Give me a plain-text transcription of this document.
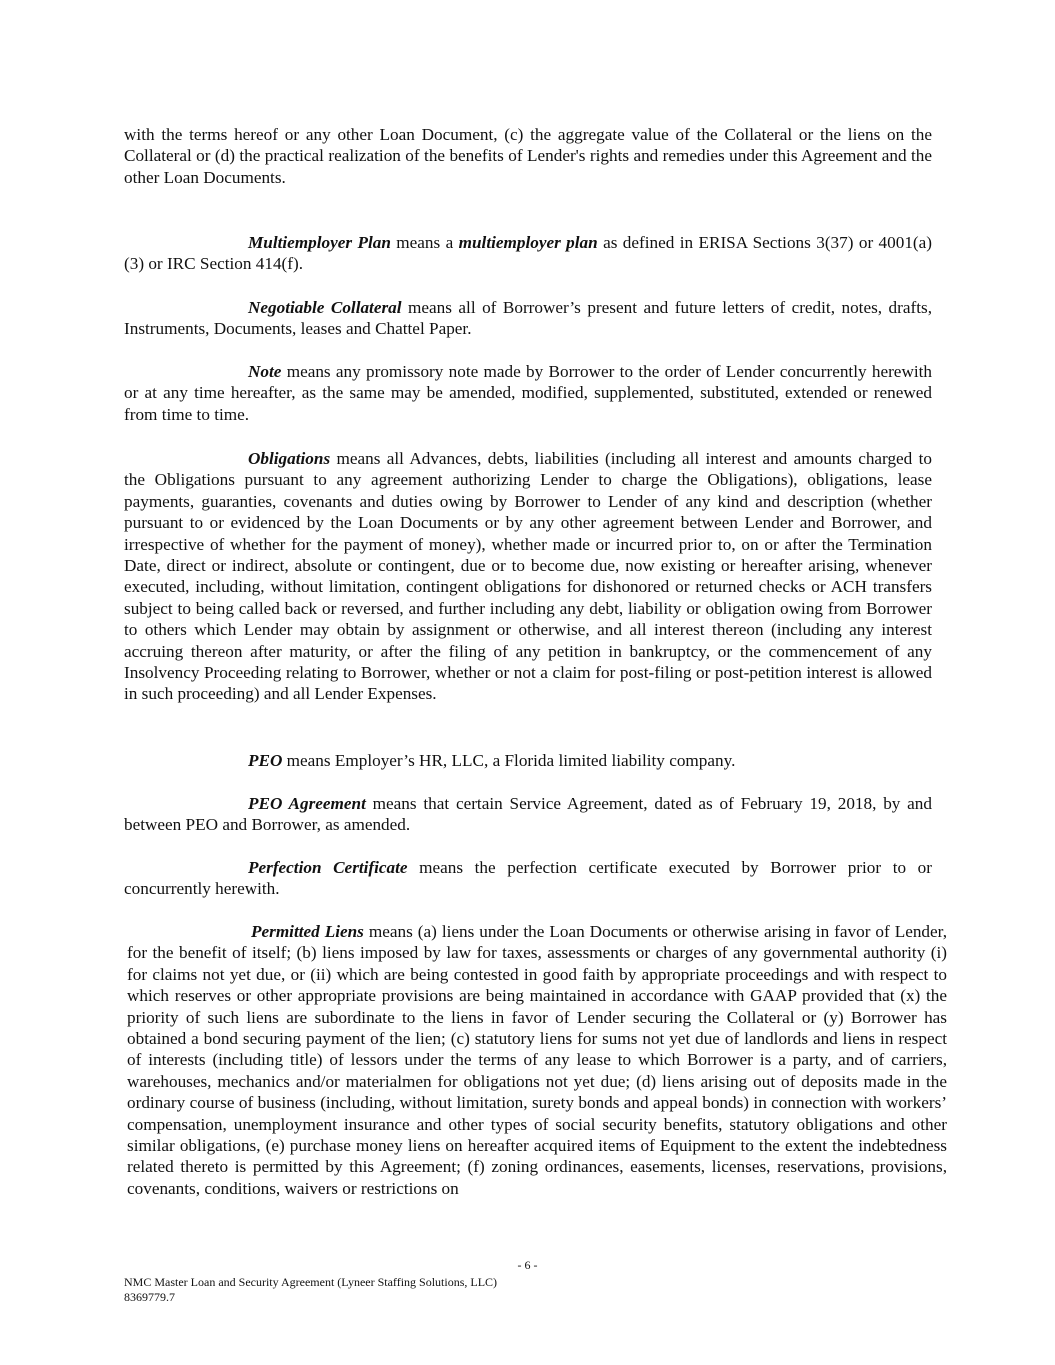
with the terms hereof or any other Loan Document, (c) the aggregate value of the Collateral or the liens on the Collateral or (d) the practical realization of the benefits of Lender's rights and remedies under this Agreement and the other Loan Documents.

Multiemployer Plan means a multiemployer plan as defined in ERISA Sections 3(37) or 4001(a)(3) or IRC Section 414(f).

Negotiable Collateral means all of Borrower’s present and future letters of credit, notes, drafts, Instruments, Documents, leases and Chattel Paper.

Note means any promissory note made by Borrower to the order of Lender concurrently herewith or at any time hereafter, as the same may be amended, modified, supplemented, substituted, extended or renewed from time to time.

Obligations means all Advances, debts, liabilities (including all interest and amounts charged to the Obligations pursuant to any agreement authorizing Lender to charge the Obligations), obligations, lease payments, guaranties, covenants and duties owing by Borrower to Lender of any kind and description (whether pursuant to or evidenced by the Loan Documents or by any other agreement between Lender and Borrower, and irrespective of whether for the payment of money), whether made or incurred prior to, on or after the Termination Date, direct or indirect, absolute or contingent, due or to become due, now existing or hereafter arising, whenever executed, including, without limitation, contingent obligations for dishonored or returned checks or ACH transfers subject to being called back or reversed, and further including any debt, liability or obligation owing from Borrower to others which Lender may obtain by assignment or otherwise, and all interest thereon (including any interest accruing thereon after maturity, or after the filing of any petition in bankruptcy, or the commencement of any Insolvency Proceeding relating to Borrower, whether or not a claim for post-filing or post-petition interest is allowed in such proceeding) and all Lender Expenses.

PEO means Employer’s HR, LLC, a Florida limited liability company.

PEO Agreement means that certain Service Agreement, dated as of February 19, 2018, by and between PEO and Borrower, as amended.

Perfection Certificate means the perfection certificate executed by Borrower prior to or concurrently herewith.

Permitted Liens means (a) liens under the Loan Documents or otherwise arising in favor of Lender, for the benefit of itself; (b) liens imposed by law for taxes, assessments or charges of any governmental authority (i) for claims not yet due, or (ii) which are being contested in good faith by appropriate proceedings and with respect to which reserves or other appropriate provisions are being maintained in accordance with GAAP provided that (x) the priority of such liens are subordinate to the liens in favor of Lender securing the Collateral or (y) Borrower has obtained a bond securing payment of the lien; (c) statutory liens for sums not yet due of landlords and liens in respect of interests (including title) of lessors under the terms of any lease to which Borrower is a party, and of carriers, warehouses, mechanics and/or materialmen for obligations not yet due; (d) liens arising out of deposits made in the ordinary course of business (including, without limitation, surety bonds and appeal bonds) in connection with workers’ compensation, unemployment insurance and other types of social security benefits, statutory obligations and other similar obligations, (e) purchase money liens on hereafter acquired items of Equipment to the extent the indebtedness related thereto is permitted by this Agreement; (f) zoning ordinances, easements, licenses, reservations, provisions, covenants, conditions, waivers or restrictions on

- 6 -
NMC Master Loan and Security Agreement (Lyneer Staffing Solutions, LLC)
8369779.7
